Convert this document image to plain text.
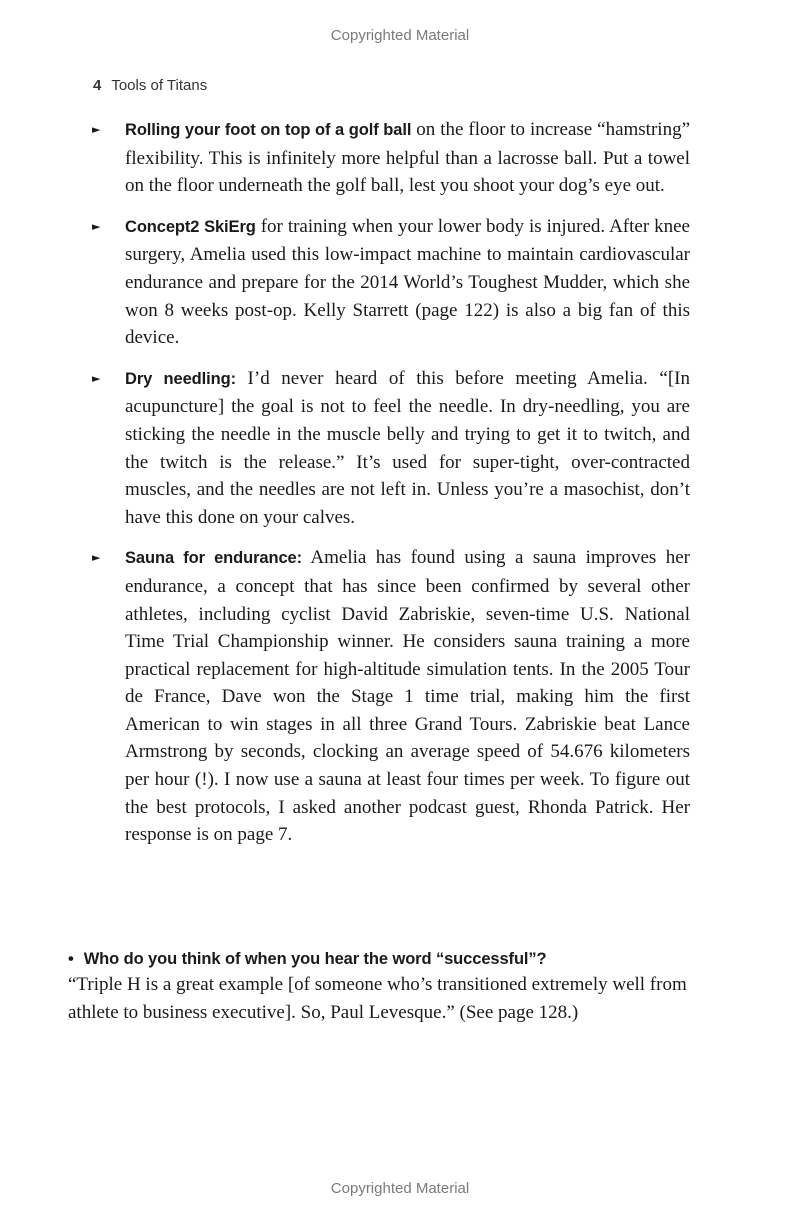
Copyrighted Material
4 Tools of Titans
► Rolling your foot on top of a golf ball on the floor to increase “hamstring” flexibility. This is infinitely more helpful than a lacrosse ball. Put a towel on the floor underneath the golf ball, lest you shoot your dog’s eye out.
► Concept2 SkiErg for training when your lower body is injured. After knee surgery, Amelia used this low-impact machine to maintain cardiovascular endurance and prepare for the 2014 World’s Toughest Mudder, which she won 8 weeks post-op. Kelly Starrett (page 122) is also a big fan of this device.
► Dry needling: I’d never heard of this before meeting Amelia. “[In acupuncture] the goal is not to feel the needle. In dry-needling, you are sticking the needle in the muscle belly and trying to get it to twitch, and the twitch is the release.” It’s used for super-tight, over-contracted muscles, and the needles are not left in. Unless you’re a masochist, don’t have this done on your calves.
► Sauna for endurance: Amelia has found using a sauna improves her endurance, a concept that has since been confirmed by several other athletes, including cyclist David Zabriskie, seven-time U.S. National Time Trial Championship winner. He considers sauna training a more practical replacement for high-altitude simulation tents. In the 2005 Tour de France, Dave won the Stage 1 time trial, making him the first American to win stages in all three Grand Tours. Zabriskie beat Lance Armstrong by seconds, clocking an average speed of 54.676 kilometers per hour (!). I now use a sauna at least four times per week. To figure out the best protocols, I asked another podcast guest, Rhonda Patrick. Her response is on page 7.
• Who do you think of when you hear the word “successful”?
“Triple H is a great example [of someone who’s transitioned extremely well from athlete to business executive]. So, Paul Levesque.” (See page 128.)
Copyrighted Material
